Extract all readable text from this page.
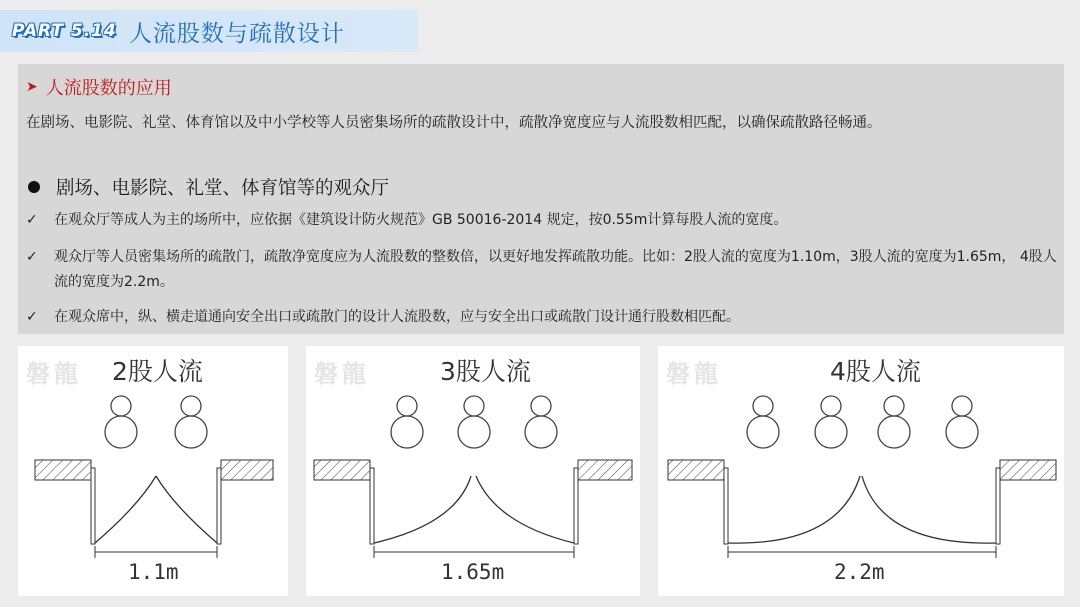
PART 5.14 人流股数与疏散设计
➤ 人流股数的应用
在剧场、电影院、礼堂、体育馆以及中小学校等人员密集场所的疏散设计中，疏散净宽度应与人流股数相匹配，以确保疏散路径畅通。
剧场、电影院、礼堂、体育馆等的观众厅
✓	在观众厅等成人为主的场所中，应依据《建筑设计防火规范》GB 50016-2014 规定，按0.55m计算每股人流的宽度。
✓	观众厅等人员密集场所的疏散门，疏散净宽度应为人流股数的整数倍，以更好地发挥疏散功能。比如：2股人流的宽度为1.10m，3股人流的宽度为1.65m， 4股人流的宽度为2.2m。
✓	在观众席中，纵、横走道通向安全出口或疏散门的设计人流股数，应与安全出口或疏散门设计通行股数相匹配。
磐龍 2股人流
1.1m
磐龍	3股人流
1.65m
磐龍	4股人流
2.2m
